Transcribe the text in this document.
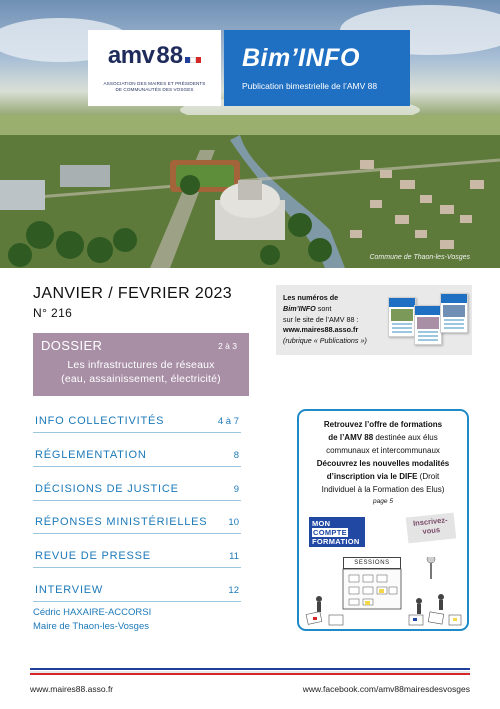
Commune de Thaon-les-Vosges
amv 88
ASSOCIATION DES MAIRES ET PRÉSIDENTS
DE COMMUNAUTÉS DES VOSGES
Bim’INFO
Publication bimestrielle de l’AMV 88
JANVIER / FEVRIER 2023
N° 216
DOSSIER	2 à 3
Les infrastructures de réseaux
(eau, assainissement, électricité)
INFO COLLECTIVITÉS	4 à 7
RÉGLEMENTATION	8
DÉCISIONS DE JUSTICE	9
RÉPONSES MINISTÉRIELLES 10
REVUE DE PRESSE	11
INTERVIEW	12
Cédric HAXAIRE-ACCORSI
Maire de Thaon-les-Vosges
Les numéros de
Bim’INFO sont
sur le site de l’AMV 88 :
www.maires88.asso.fr
(rubrique « Publications »)
Retrouvez l’offre de formations
de l’AMV 88 destinée aux élus
communaux et intercommunaux
Découvrez les nouvelles modalités
d’inscription via le DIFE (Droit
Individuel à la Formation des Elus)
page 5
MON
COMPTE
FORMATION
Inscrivez-
vous
SESSIONS
www.maires88.asso.fr	www.facebook.com/amv88mairesdesvosges
